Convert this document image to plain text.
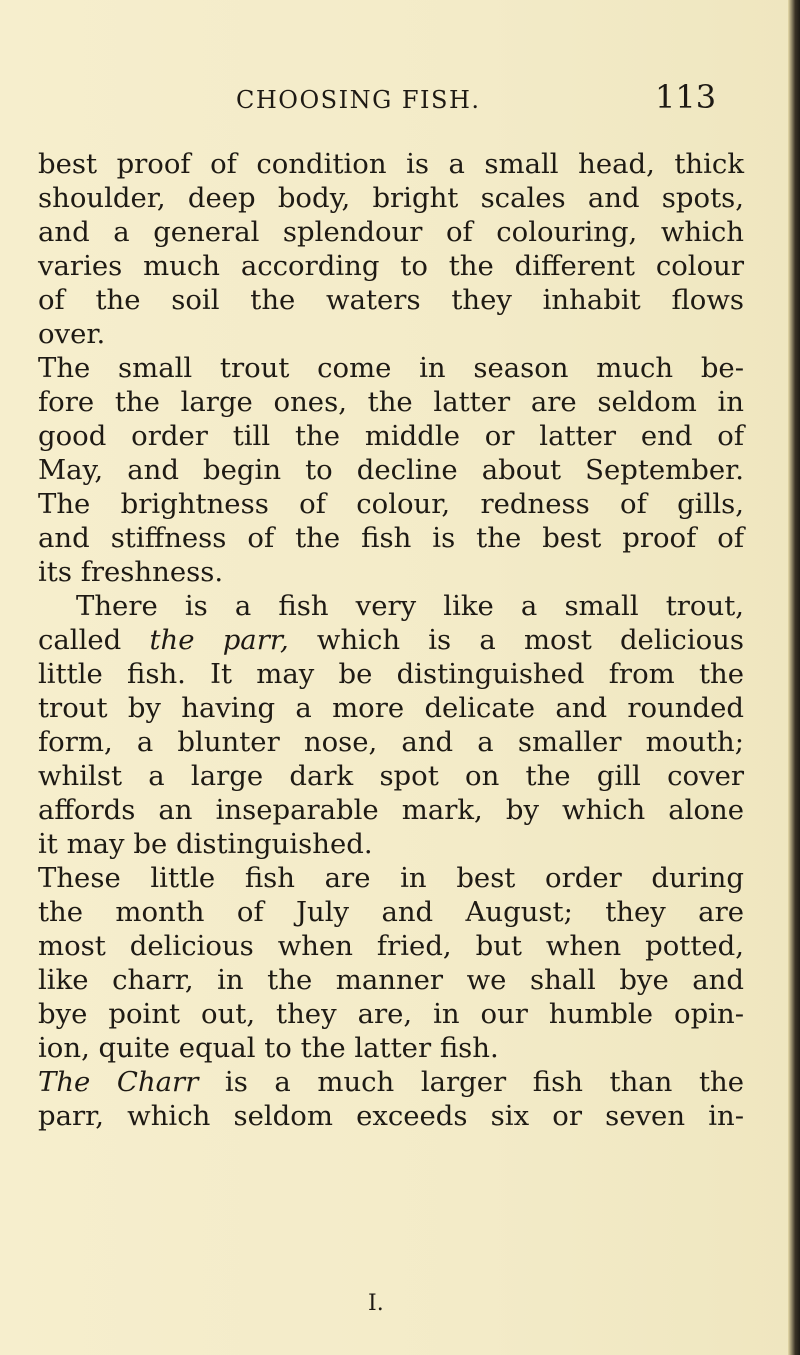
CHOOSING FISH.	113
best proof of condition is a small head, thick
shoulder, deep body, bright scales and spots,
and a general splendour of colouring, which
varies much according to the different colour
of the soil the waters they inhabit flows
over.
The small trout come in season much be-
fore the large ones, the latter are seldom in
good order till the middle or latter end of
May, and begin to decline about September.
The brightness of colour, redness of gills,
and stiffness of the fish is the best proof of
its freshness.
There is a fish very like a small trout,
called the parr, which is a most delicious
little fish. It may be distinguished from the
trout by having a more delicate and rounded
form, a blunter nose, and a smaller mouth;
whilst a large dark spot on the gill cover
affords an inseparable mark, by which alone
it may be distinguished.
These little fish are in best order during
the month of July and August; they are
most delicious when fried, but when potted,
like charr, in the manner we shall bye and
bye point out, they are, in our humble opin-
ion, quite equal to the latter fish.
The Charr is a much larger fish than the
parr, which seldom exceeds six or seven in-
I.
